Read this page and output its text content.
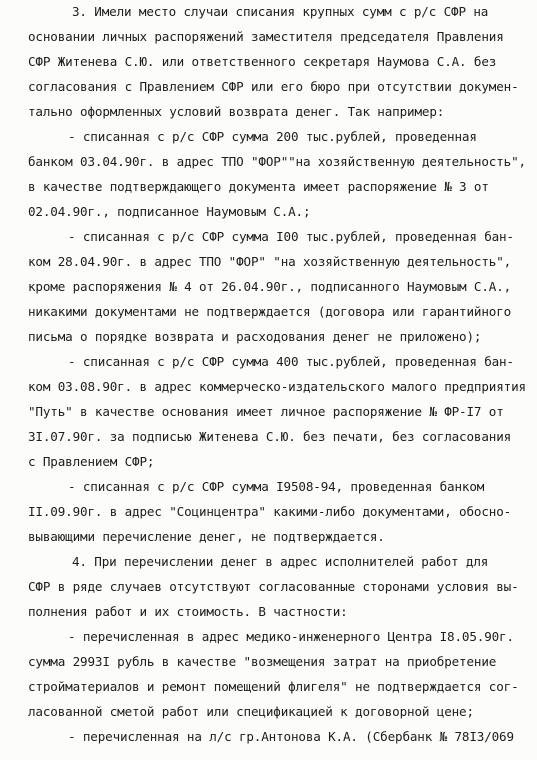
3. Имели место случаи списания крупных сумм с р/с СФР на
основании личных распоряжений заместителя председателя Правления
СФР Житенева С.Ю. или ответственного секретаря Наумова С.А. без
согласования с Правлением СФР или его бюро при отсутствии докумен-
тально оформленных условий возврата денег. Так например:
- списанная с р/с СФР сумма 200 тыс.рублей, проведенная
банком 03.04.90г. в адрес ТПО "ФОР""на хозяйственную деятельность",
в качестве подтверждающего документа имеет распоряжение № 3 от
02.04.90г., подписанное Наумовым С.А.;
- списанная с р/с СФР сумма I00 тыс.рублей, проведенная бан-
ком 28.04.90г. в адрес ТПО "ФОР" "на хозяйственную деятельность",
кроме распоряжения № 4 от 26.04.90г., подписанного Наумовым С.А.,
никакими документами не подтверждается (договора или гарантийного
письма о порядке возврата и расходования денег не приложено);
- списанная с р/с СФР сумма 400 тыс.рублей, проведенная бан-
ком 03.08.90г. в адрес коммерческо-издательского малого предприятия
"Путь" в качестве основания имеет личное распоряжение № ФР-I7 от
3I.07.90г. за подписью Житенева С.Ю. без печати, без согласования
с Правлением СФР;
- списанная с р/с СФР сумма I9508-94, проведенная банком
II.09.90г. в адрес "Социнцентра" какими-либо документами, обосно-
вывающими перечисление денег, не подтверждается.
4. При перечислении денег в адрес исполнителей работ для
СФР в ряде случаев отсутствуют согласованные сторонами условия вы-
полнения работ и их стоимость. В частности:
- перечисленная в адрес медико-инженерного Центра I8.05.90г.
сумма 2993I рубль в качестве "возмещения затрат на приобретение
стройматериалов и ремонт помещений флигеля" не подтверждается сог-
ласованной сметой работ или спецификацией к договорной цене;
- перечисленная на л/с гр.Антонова К.А. (Сбербанк № 78I3/069
